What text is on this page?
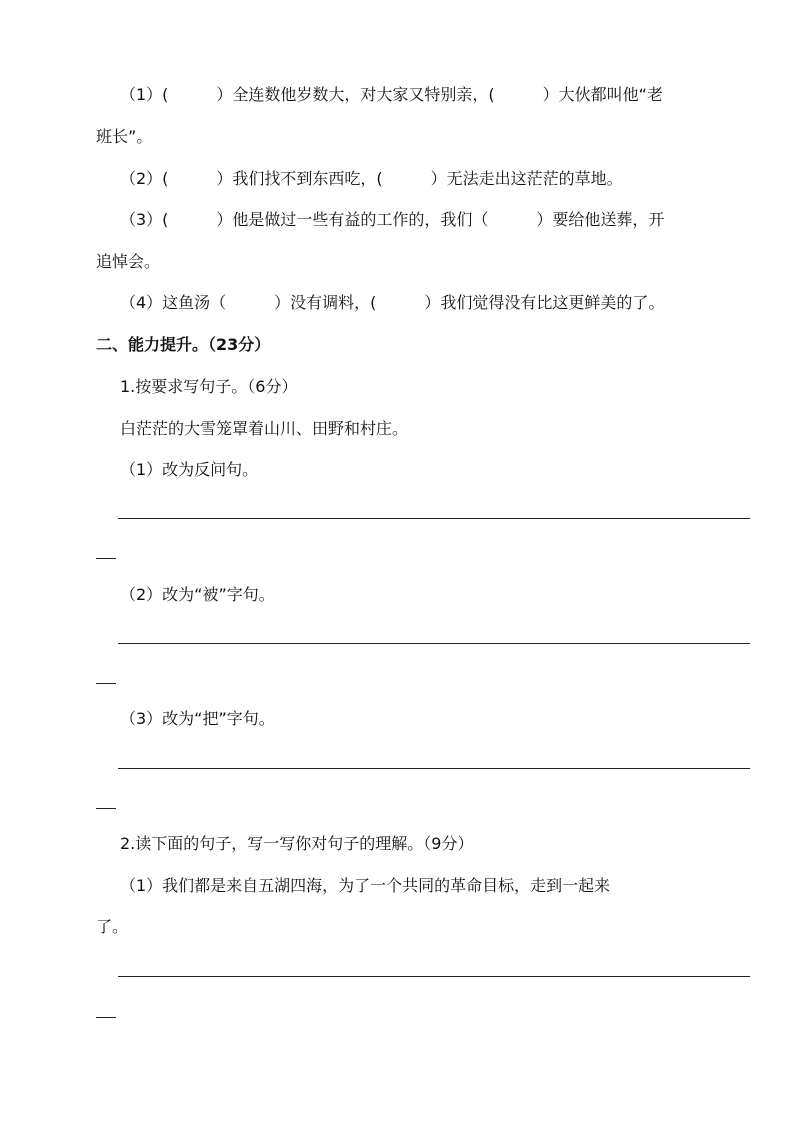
（1）(　　　）全连数他岁数大，对大家又特别亲，(　　　）大伙都叫他“老
班长”。
（2）(　　　）我们找不到东西吃，(　　　）无法走出这茫茫的草地。
（3）(　　　）他是做过一些有益的工作的，我们（　　　）要给他送葬，开
追悼会。
（4）这鱼汤（　　　）没有调料，(　　　）我们觉得没有比这更鲜美的了。
二、能力提升。（23分）
1.按要求写句子。（6分）
白茫茫的大雪笼罩着山川、田野和村庄。
（1）改为反问句。
（2）改为“被”字句。
（3）改为“把”字句。
2.读下面的句子，写一写你对句子的理解。（9分）
（1）我们都是来自五湖四海，为了一个共同的革命目标，走到一起来
了。
